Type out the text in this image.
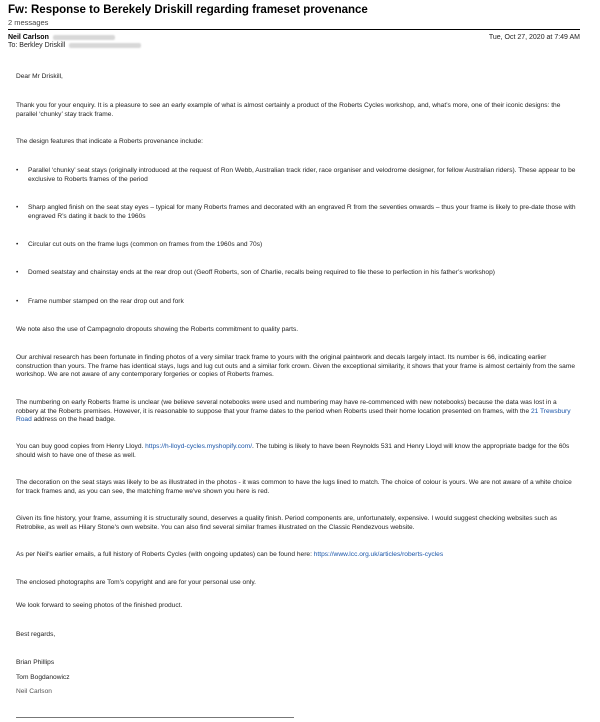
Fw: Response to Berekely Driskill regarding frameset provenance
2 messages
Neil Carlson
To: Berkley Driskill
Tue, Oct 27, 2020 at 7:49 AM
Dear Mr Driskill,
Thank you for your enquiry. It is a pleasure to see an early example of what is almost certainly a product of the Roberts Cycles workshop, and, what’s more, one of their iconic designs: the parallel ‘chunky’ stay track frame.
The design features that indicate a Roberts provenance include:
• Parallel ‘chunky’ seat stays (originally introduced at the request of Ron Webb, Australian track rider, race organiser and velodrome designer, for fellow Australian riders). These appear to be exclusive to Roberts frames of the period
• Sharp angled finish on the seat stay eyes – typical for many Roberts frames and decorated with an engraved R from the seventies onwards – thus your frame is likely to pre-date those with engraved R’s dating it back to the 1960s
• Circular cut outs on the frame lugs (common on frames from the 1960s and 70s)
• Domed seatstay and chainstay ends at the rear drop out (Geoff Roberts, son of Charlie, recalls being required to file these to perfection in his father’s workshop)
• Frame number stamped on the rear drop out and fork
We note also the use of Campagnolo dropouts showing the Roberts commitment to quality parts.
Our archival research has been fortunate in finding photos of a very similar track frame to yours with the original paintwork and decals largely intact. Its number is 66, indicating earlier construction than yours. The frame has identical stays, lugs and lug cut outs and a similar fork crown. Given the exceptional similarity, it shows that your frame is almost certainly from the same workshop. We are not aware of any contemporary forgeries or copies of Roberts frames.
The numbering on early Roberts frame is unclear (we believe several notebooks were used and numbering may have re-commenced with new notebooks) because the data was lost in a robbery at the Roberts premises. However, it is reasonable to suppose that your frame dates to the period when Roberts used their home location presented on frames, with the 21 Trewsbury Road address on the head badge.
You can buy good copies from Henry Lloyd. https://h-lloyd-cycles.myshopify.com/. The tubing is likely to have been Reynolds 531 and Henry Lloyd will know the appropriate badge for the 60s should wish to have one of these as well.
The decoration on the seat stays was likely to be as illustrated in the photos - it was common to have the lugs lined to match. The choice of colour is yours. We are not aware of a white choice for track frames and, as you can see, the matching frame we've shown you here is red.
Given its fine history, your frame, assuming it is structurally sound, deserves a quality finish. Period components are, unfortunately, expensive. I would suggest checking websites such as Retrobike, as well as Hilary Stone's own website. You can also find several similar frames illustrated on the Classic Rendezvous website.
As per Neil's earlier emails, a full history of Roberts Cycles (with ongoing updates) can be found here: https://www.lcc.org.uk/articles/roberts-cycles
The enclosed photographs are Tom's copyright and are for your personal use only.
We look forward to seeing photos of the finished product.
Best regards,
Brian Phillips
Tom Bogdanowicz
Neil Carlson
